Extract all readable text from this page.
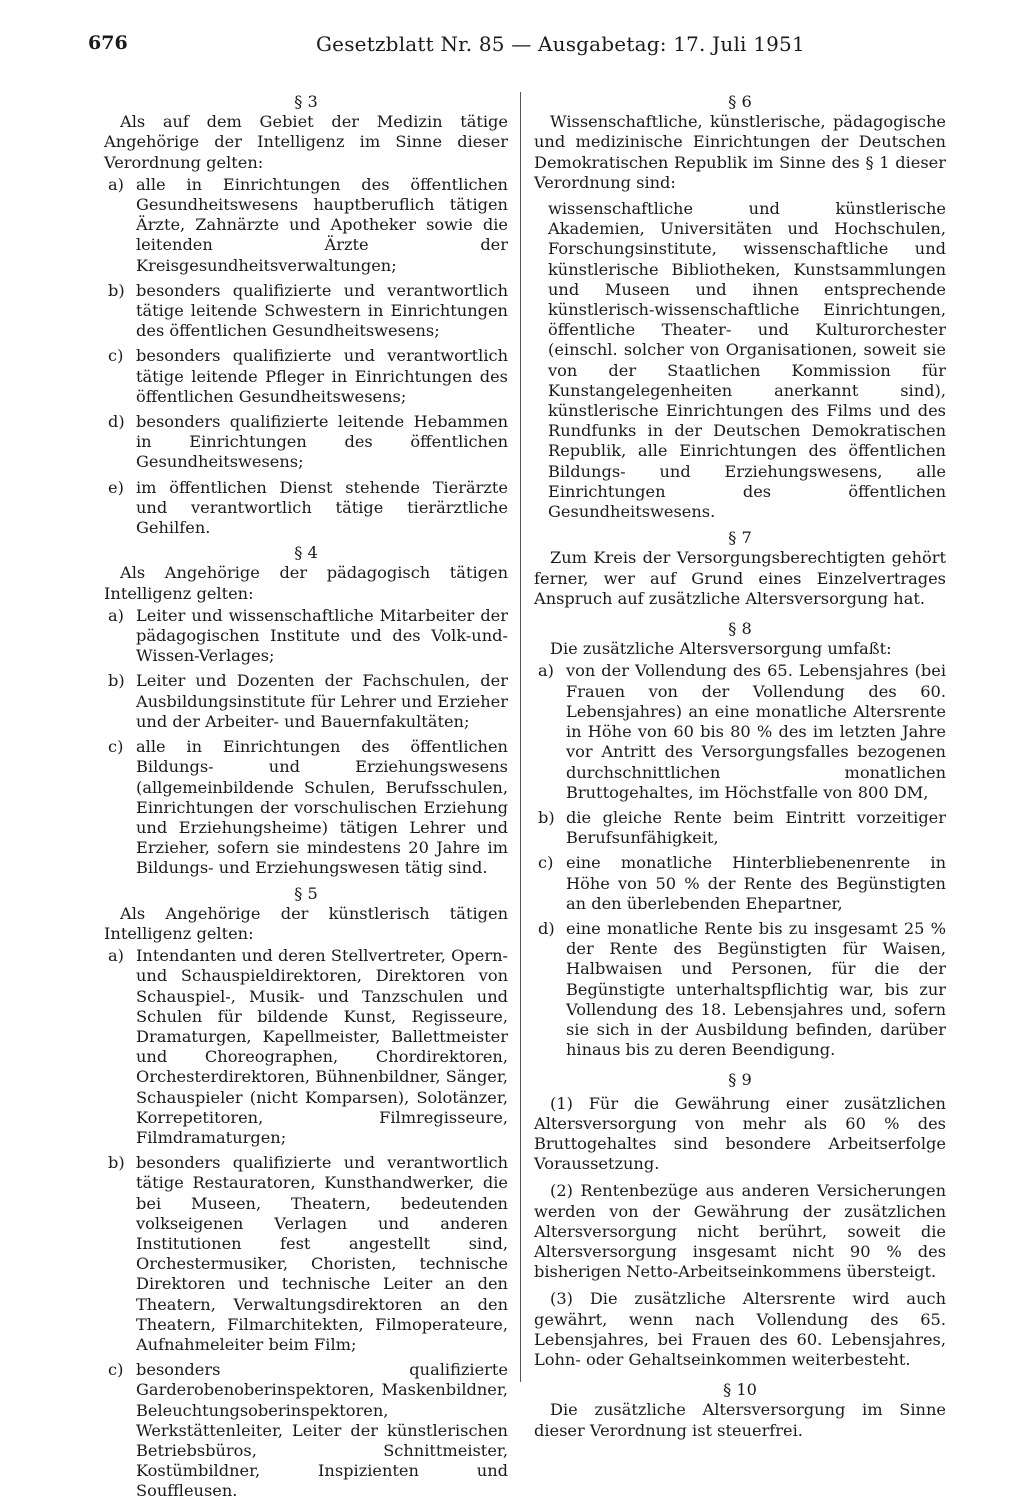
676	Gesetzblatt Nr. 85 — Ausgabetag: 17. Juli 1951
§ 3

Als auf dem Gebiet der Medizin tätige Angehörige der Intelligenz im Sinne dieser Verordnung gelten:

a) alle in Einrichtungen des öffentlichen Gesundheitswesens hauptberuflich tätigen Ärzte, Zahnärzte und Apotheker sowie die leitenden Ärzte der Kreisgesundheitsverwaltungen;
b) besonders qualifizierte und verantwortlich tätige leitende Schwestern in Einrichtungen des öffentlichen Gesundheitswesens;
c) besonders qualifizierte und verantwortlich tätige leitende Pfleger in Einrichtungen des öffentlichen Gesundheitswesens;
d) besonders qualifizierte leitende Hebammen in Einrichtungen des öffentlichen Gesundheitswesens;
e) im öffentlichen Dienst stehende Tierärzte und verantwortlich tätige tierärztliche Gehilfen.
§ 4

Als Angehörige der pädagogisch tätigen Intelligenz gelten:

a) Leiter und wissenschaftliche Mitarbeiter der pädagogischen Institute und des Volk-und-Wissen-Verlages;
b) Leiter und Dozenten der Fachschulen, der Ausbildungsinstitute für Lehrer und Erzieher und der Arbeiter- und Bauernfakultäten;
c) alle in Einrichtungen des öffentlichen Bildungs- und Erziehungswesens (allgemeinbildende Schulen, Berufsschulen, Einrichtungen der vorschulischen Erziehung und Erziehungsheime) tätigen Lehrer und Erzieher, sofern sie mindestens 20 Jahre im Bildungs- und Erziehungswesen tätig sind.
§ 5

Als Angehörige der künstlerisch tätigen Intelligenz gelten:

a) Intendanten und deren Stellvertreter, Opern- und Schauspieldirektoren, Direktoren von Schauspiel-, Musik- und Tanzschulen und Schulen für bildende Kunst, Regisseure, Dramaturgen, Kapellmeister, Ballettmeister und Choreographen, Chordirektoren, Orchesterdirektoren, Bühnenbildner, Sänger, Schauspieler (nicht Komparsen), Solotänzer, Korrepetitoren, Filmregisseure, Filmdramaturgen;
b) besonders qualifizierte und verantwortlich tätige Restauratoren, Kunsthandwerker, die bei Museen, Theatern, bedeutenden volkseigenen Verlagen und anderen Institutionen fest angestellt sind, Orchestermusiker, Choristen, technische Direktoren und technische Leiter an den Theatern, Verwaltungsdirektoren an den Theatern, Filmarchitekten, Filmoperateure, Aufnahmeleiter beim Film;
c) besonders qualifizierte Garderobenoberinspektoren, Maskenbildner, Beleuchtungsoberinspektoren, Werkstättenleiter, Leiter der künstlerischen Betriebsbüros, Schnittmeister, Kostümbildner, Inspizienten und Souffleusen.
§ 6

Wissenschaftliche, künstlerische, pädagogische und medizinische Einrichtungen der Deutschen Demokratischen Republik im Sinne des § 1 dieser Verordnung sind:

wissenschaftliche und künstlerische Akademien, Universitäten und Hochschulen, Forschungsinstitute, wissenschaftliche und künstlerische Bibliotheken, Kunstsammlungen und Museen und ihnen entsprechende künstlerisch-wissenschaftliche Einrichtungen, öffentliche Theater- und Kulturorchester (einschl. solcher von Organisationen, soweit sie von der Staatlichen Kommission für Kunstangelegenheiten anerkannt sind), künstlerische Einrichtungen des Films und des Rundfunks in der Deutschen Demokratischen Republik, alle Einrichtungen des öffentlichen Bildungs- und Erziehungswesens, alle Einrichtungen des öffentlichen Gesundheitswesens.

§ 7

Zum Kreis der Versorgungsberechtigten gehört ferner, wer auf Grund eines Einzelvertrages Anspruch auf zusätzliche Altersversorgung hat.

§ 8

Die zusätzliche Altersversorgung umfaßt:

a) von der Vollendung des 65. Lebensjahres (bei Frauen von der Vollendung des 60. Lebensjahres) an eine monatliche Altersrente in Höhe von 60 bis 80 % des im letzten Jahre vor Antritt des Versorgungsfalles bezogenen durchschnittlichen monatlichen Bruttogehaltes, im Höchstfalle von 800 DM,
b) die gleiche Rente beim Eintritt vorzeitiger Berufsunfähigkeit,
c) eine monatliche Hinterbliebenenrente in Höhe von 50 % der Rente des Begünstigten an den überlebenden Ehepartner,
d) eine monatliche Rente bis zu insgesamt 25 % der Rente des Begünstigten für Waisen, Halbwaisen und Personen, für die der Begünstigte unterhaltspflichtig war, bis zur Vollendung des 18. Lebensjahres und, sofern sie sich in der Ausbildung befinden, darüber hinaus bis zu deren Beendigung.
§ 9

(1) Für die Gewährung einer zusätzlichen Altersversorgung von mehr als 60 % des Bruttogehaltes sind besondere Arbeitserfolge Voraussetzung.

(2) Rentenbezüge aus anderen Versicherungen werden von der Gewährung der zusätzlichen Altersversorgung nicht berührt, soweit die Altersversorgung insgesamt nicht 90 % des bisherigen Netto-Arbeitseinkommens übersteigt.

(3) Die zusätzliche Altersrente wird auch gewährt, wenn nach Vollendung des 65. Lebensjahres, bei Frauen des 60. Lebensjahres, Lohn- oder Gehaltseinkommen weiterbesteht.

§ 10

Die zusätzliche Altersversorgung im Sinne dieser Verordnung ist steuerfrei.
